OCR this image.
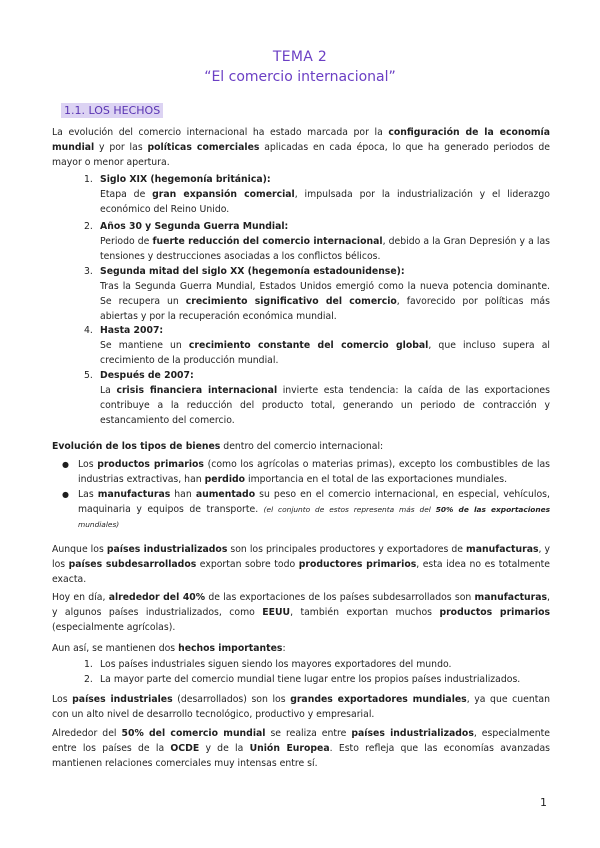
TEMA 2
“El comercio internacional”
1.1. LOS HECHOS
La evolución del comercio internacional ha estado marcada por la configuración de la economía mundial y por las políticas comerciales aplicadas en cada época, lo que ha generado periodos de mayor o menor apertura.
1. Siglo XIX (hegemonía británica):
Etapa de gran expansión comercial, impulsada por la industrialización y el liderazgo económico del Reino Unido.
2. Años 30 y Segunda Guerra Mundial:
Periodo de fuerte reducción del comercio internacional, debido a la Gran Depresión y a las tensiones y destrucciones asociadas a los conflictos bélicos.
3. Segunda mitad del siglo XX (hegemonía estadounidense):
Tras la Segunda Guerra Mundial, Estados Unidos emergió como la nueva potencia dominante. Se recupera un crecimiento significativo del comercio, favorecido por políticas más abiertas y por la recuperación económica mundial.
4. Hasta 2007:
Se mantiene un crecimiento constante del comercio global, que incluso supera al crecimiento de la producción mundial.
5. Después de 2007:
La crisis financiera internacional invierte esta tendencia: la caída de las exportaciones contribuye a la reducción del producto total, generando un periodo de contracción y estancamiento del comercio.
Evolución de los tipos de bienes dentro del comercio internacional:
● Los productos primarios (como los agrícolas o materias primas), excepto los combustibles de las industrias extractivas, han perdido importancia en el total de las exportaciones mundiales.
● Las manufacturas han aumentado su peso en el comercio internacional, en especial, vehículos, maquinaria y equipos de transporte. (el conjunto de estos representa más del 50% de las exportaciones mundiales)
Aunque los países industrializados son los principales productores y exportadores de manufacturas, y los países subdesarrollados exportan sobre todo productores primarios, esta idea no es totalmente exacta.
Hoy en día, alrededor del 40% de las exportaciones de los países subdesarrollados son manufacturas, y algunos países industrializados, como EEUU, también exportan muchos productos primarios (especialmente agrícolas).
Aun así, se mantienen dos hechos importantes:
1. Los países industriales siguen siendo los mayores exportadores del mundo.
2. La mayor parte del comercio mundial tiene lugar entre los propios países industrializados.
Los países industriales (desarrollados) son los grandes exportadores mundiales, ya que cuentan con un alto nivel de desarrollo tecnológico, productivo y empresarial.
Alrededor del 50% del comercio mundial se realiza entre países industrializados, especialmente entre los países de la OCDE y de la Unión Europea. Esto refleja que las economías avanzadas mantienen relaciones comerciales muy intensas entre sí.
1
